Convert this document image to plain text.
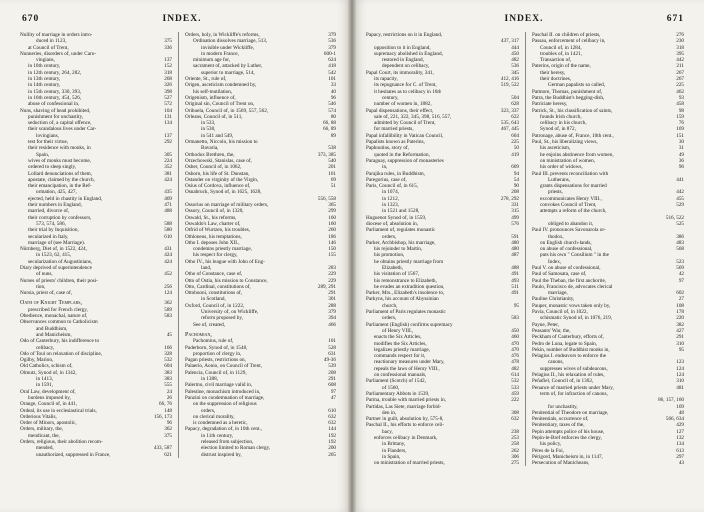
670	INDEX.
Nullity of marriage in orders intro-
duced in 1123,	375
at Council of Trent,	336
Nunneries, disorders of, under Caro-
vingians,	137
in 10th century,	152
in 12th century, 264, 282,	318
in 13th century,	268
in 14th century,	326
in 15th century, 330, 393,	398
in 16th century, 454, 526,	527
abuse of confessional in,	572
Nuns, shaving of head prohibited,	104
punishment for unchastity,	131
seduction of, a capital offence,	134
their scandalous lives under Car-
lovingians,	137
test for their virtue,	292
their residence with monks, in
Spain,	305
wives of monks must become,	224
ordered to sleep singly,	352
Lollard denunciations of them,	381
apostate, claimed by the church,	424
their emancipation, in the Ref-
ormation, 425, 427,	435
ejected, held in chastity in England,	469
their numbers in England,	471
married, divorce of,	488
their corruption by confessors,
573, 574, 586,	588
their trial by Inquisition,	580
secularized in Italy,	610
marriage of (see Marriage).
Nürnberg, Diet of, in 1522, 424,	431
in 1523, 62, 415,	424
secularization of Augustinians,	424
Diary deprived of superintendence
of nuns,	452
Nurses of priests' children, their posi-
tion,	256
Nursia, priest of, case of,	124
Oath of Knight Templars,	362
prescribed for French clergy,	589
Obedience, monachal, nature of,	583
Observances common to Catholicism
and Buddhism,
and Manicheism,	45
Odo of Canterbury, his indifference to
celibacy,	166
Odo of Toul on relaxation of discipline,	328
Ogilby, Marion,	532
Old Catholics, schism of,	604
Olmutz, Synod of, in 1342,	383
in 1413,	383
in 1591,	555
Oral Law, development of,	24
burdens imposed by,	26
Orange, Council of, in 441,	66, 76
Ordeal, its use in ecclesiastical trials,	148
Orderious Vitalis,	156, 173
Order of Minors, apostolic,	96
Orders, military, the,	362
mendicant, the,	375
Orders, religious, their abolition recom-
mended,	433, 587
unauthorized, suppressed in France,	621
Orders, holy, in Wickliffe's reforms,	379
Ordination dissolves marriage, 513,	536
invisible under Wickliffe,	379
in modern France,	600-1
minimum age for,	624
sacrament of, attacked by Luther,	418
superior to marriage, 514,	542
Oriente, St., rule of,	101
Origen, asceticism condemned by,	33
his self-mutilation,	40
Origenism, influence of,	96
Original sin, Council of Trent on,	546
Orihuela, Council of, in 1569, 557, 562,	574
Orleans, Council of, in 511,	80
in 533,	66, 88
in 538,	66, 89
in 541 and 549,	89
Ormanetto, Niccolo, his mission to
Bavaria,	538
Orthodox Brethren, the,	373, 385
Orzechowski, Stanislas, case of,	540
Osber, Council of, in 1062,	201
Osborn, his life of St. Dunstan,	161
Ostander on virginity of the Virgin,	69
Osius of Cordova, influence of,	51
Osnabruck, Synod of, in 1625, 1628,
556, 558
Ossorius on marriage of military orders,	365
Ossory, Council of, in 1320,	299
Oswald, St., his reforms,	160
Oswaldo's Law, charter of,	160
Otfrid of Wurtzen, his troubles,	260
Othloneus, his temptations,	186
Otho I. deposes John XII.,	146
condemns priestly marriage,	150
his respect for clergy,	155
Otho IV., his league with John of Eng-
land,	283
Otho of Constance, case of,	229
Otto of Ostia, his mission to Constance,	229
Otto, Cardinal, constitutions of,	289, 291
Ottobuoni, constitutions of,	291
in Scotland,	301
Oxford, Council of, in 1222,	288
University of, on Wickliffe,	379
reform proposed by,	394
See of, created,	466
Pachomian,
Pachomius, rule of,	101
Paderborn, Synod of, in 1548,	528
proportion of clergy in,	631
Pagan priests, restrictions on,	49-36
Palaerio, Aonio, on Council of Trent,	539
Palencia, Council of, in 1129,	208
in 1388,	291
Palermo, civil marriage valid in,	608
Palestine, monachism introduced in,	97
Panzini on condemnation of marriage,	47
on the suppression of religious
orders,	610
on clerical morality,	632
is condemned as a heretic,	632
Papacy, degradation of, in 10th cent.,	144
in 11th century,	192
released from subjection,	192
election limited to Roman clergy,	200
distrust inspired by,	265
INDEX.	671
Papacy, restrictions on it in England,
437, 317
opposition to it in England,	444
supremacy abolished in England,	450
restored in England,	482
dependent on celibacy,	536
Papal Court, its immorality, 341,	345
its rapacity,	412, 416
its repugnance for C. of Trent,	519, 522
it hesitates as to celibacy in 16th
century,	504
number of women in, 1882,	628
Papal dispensations, their effect,	323, 337
sale of, 221, 322, 345, 398, 516, 557,	622
admitted by Council of Trent,	535, 643
for married priests,	467, 445
Papal infallibility in Vatican Council,	604
Papalists known as Paterins,	225
Paphnutius, story of,	50
quoted in the Reformation,	419
Paraguay, suppression of monasteries
in,	609
Parajika rules, in Buddhism,	94
Paregorius, case of,	54
Paris, Council of, in 615,	90
in 1074,	208
in 1212,	278, 292
in 1323,	331
in 1521 and 1528,	315
Huguenot Synod of, in 1559,	499
diocese of, absolution in,	576
Parliament of, regulates monastic
orders,	591
Parker, Archbishop, his marriage,	480
his rejoinder to Martin,	480
his promotion,	487
he obtains priestly marriage from
Elizabeth,	488
his visitation of 1567,	491
his remonstrance to Elizabeth,	493
he evades an extradition question,	511
Parker, Mrs., Elizabeth's insolence to,	491
Parkyns, his account of Abyssinian
church,	95
Parliament of Paris regulates monastic
orders,	583
Parliament (English) confirms supremacy
of Henry VIII.,	450
enacts the Six Articles,	460
modifies the Six Articles,	470
legalizes priestly marriage,	470
commands respect for it,	476
reactionary measures under Mary,	478
repeals the laws of Henry VIII.,	482
on confessional manuals,	614
Parliament (Scotch) of 1542,	532
of 1560,	533
Parliamentary Abbots in 1539,	459
Parma, trouble with married priests in,	222
Partidas, Las Siete, marriage forbid-
den in,	308
Partner in guilt, absolution by, 575-8,	632
Paschal II., his efforts to enforce celi-
bacy,	238
enforces celibacy in Denmark,	253
in Brittany,	258
in Flanders,	262
in Spain,	306
on ministration of married priests,	275
Paschal II. on children of priests,	276
Passau, enforcement of celibacy in,	230
Council of, in 1284,	318
troubles of, in 1421,	395
Transaction of,	442
Paterins, origin of the name,	211
their heresy,	267
their doctrines,	267
German papalists so called,	225
Patmore, Thomas, punishment of,	462
Patra, the Buddhist's begging-dish,	93
Patriciate heresy,	458
Patrick, St., his classification of saints,	98
founds Irish church,	159
celibacy in his church,	76
Synod of, in 872,	169
Patronage, abuse of, France, 10th cent.,	151
Paul, St., his liberalizing views,	30
his asceticism,	31
he enjoins abstinence from women,	49
on ministration of women,	36
his order of widows,	96
Paul III. prevents reconciliation with
Lutherans,	441
grants dispensations for married
priests,	442
excommunicates Henry VIII.,	455
convokes Council of Trent,	529
attempts a reform of the church,
516, 522
obliged to abandon it,	525
Paul IV. pronounces Savonarola or-
thodox,	386
on English church-lands,	483
on abuse of confessional,	568
puts his own " Consilium " in the
Index,	523
Paul V. on abuse of confessional,	569
Paul of Samosata, case of,	42
Paul the Theban, the first anchorite,	97
Paulo, Francisco de, advocates clerical
marriage,	602
Pauline Christianity,	27
Pauper, monastic vows taken only by,	108
Pavia, Council of, in 1022,	178
schismatic Synod of, in 1076, 219,	220
Payne, Peter,	382
Peasants' War, the,	427
Peckham of Canterbury, efforts of,	291
Pedro de Luna, legate to Spain,	310
Pekin, number of Buddhist monks in,	95
Pelagius I. endeavors to enforce the
canons,	123
suppresses wives of subdeacons,	124
Pelagius II., his relaxation of rules,	124
Peñafiel, Council of, in 1302,	310
Penance of married priests under Mary,	481
term of, for infraction of canons,
86, 157, 160
for unchastity,	169
Penitential of Theodore on marriage,	48
Penitentials, occurrence of,	566, 634
Penitentiary, taxes of the,	429
Pepin attempts police of his house,	127
Pepin-le-Bref enforces the clergy,	132
his policy,	134
Pères de la Foi,	613
Périgord, Manicheism in, in 1147,	297
Persecution of Manicheans,	43
